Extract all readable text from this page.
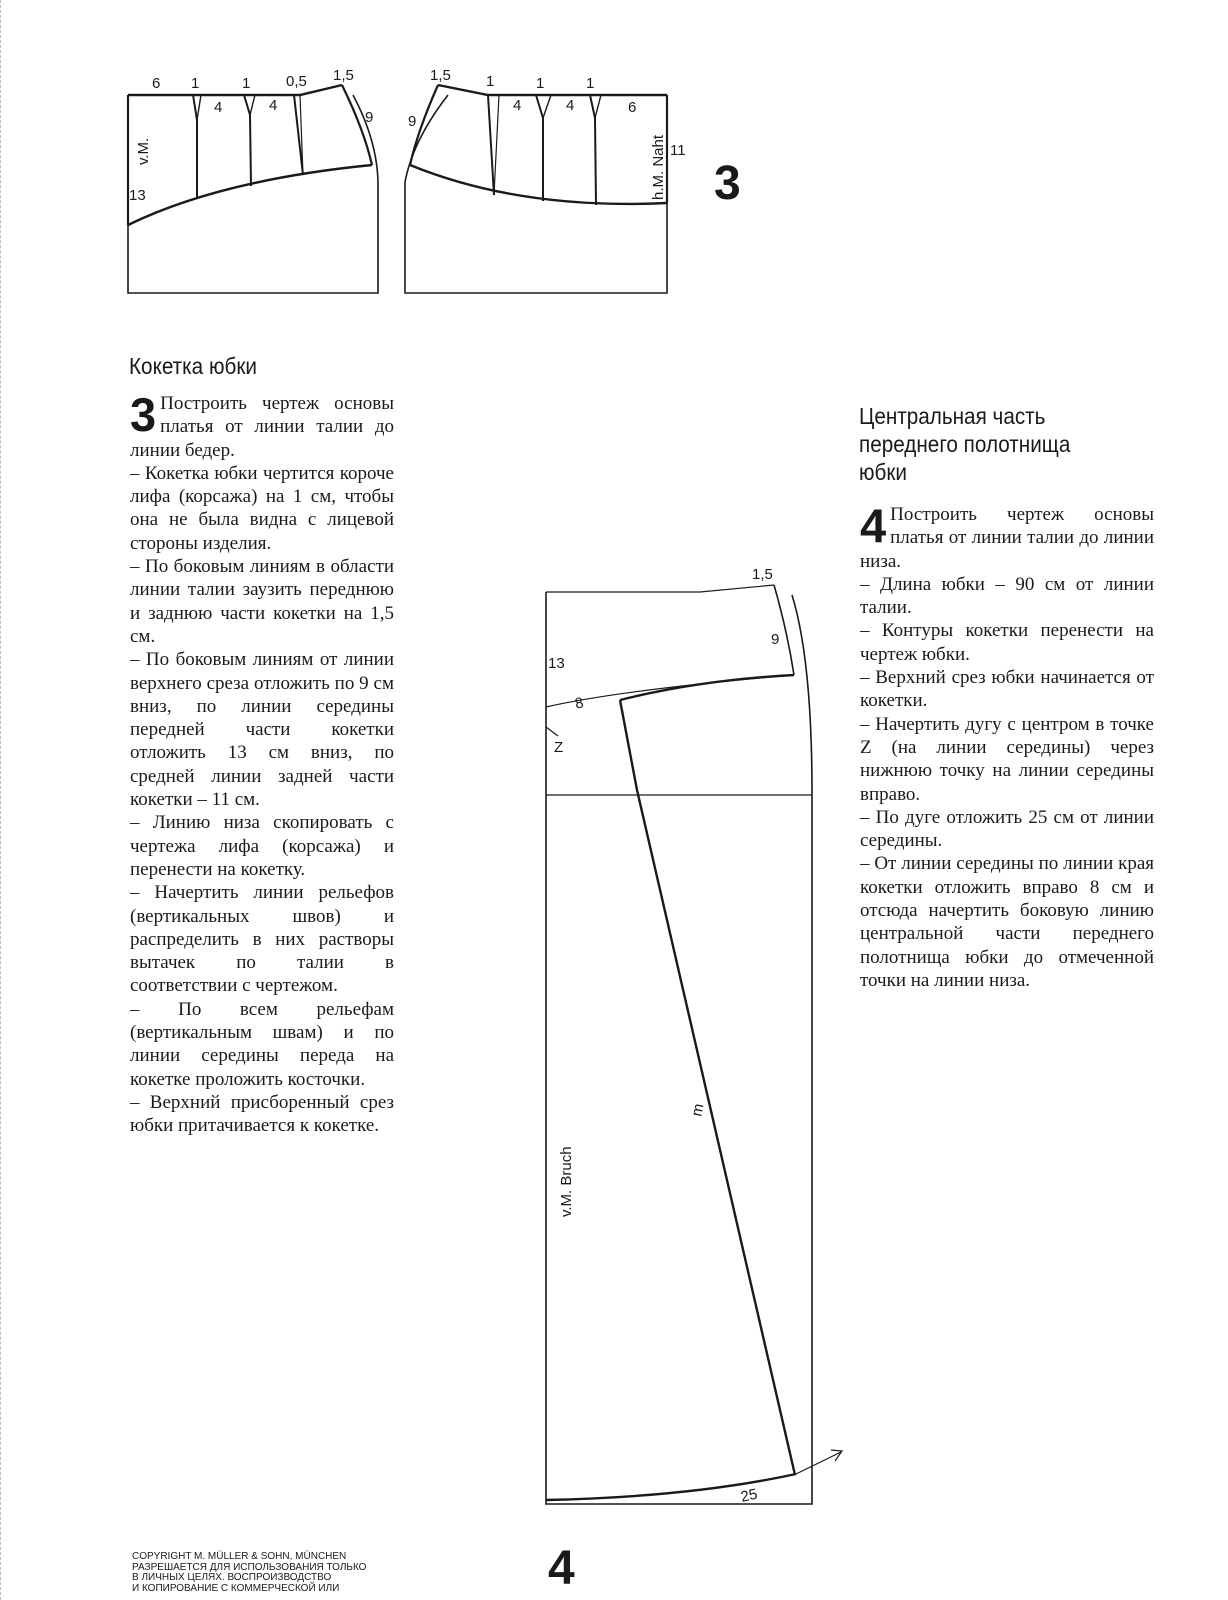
6 1	1 0,5 1,5
4	4
9
13
v.M.
1,5 1	1	1
6
4	4
9
11
h.M. Naht 3
Кокетка юбки
3 Построить чертеж основы платья от линии талии до линии бедер.

– Кокетка юбки чертится короче лифа (корсажа) на 1 см, чтобы она не была видна с лицевой стороны изделия.

– По боковым линиям в области линии талии заузить переднюю и заднюю части кокетки на 1,5 см.

– По боковым линиям от линии верхнего среза отложить по 9 см вниз, по линии середины передней части кокетки отложить 13 см вниз, по средней линии задней части кокетки – 11 см.

– Линию низа скопировать с чертежа лифа (корсажа) и перенести на кокетку.

– Начертить линии рельефов (вертикальных швов) и распределить в них растворы вытачек по талии в соответствии с чертежом.

– По всем рельефам (вертикальным швам) и по линии середины переда на кокетке проложить косточки.

– Верхний присборенный срез юбки притачивается к кокетке.

Центральная часть
переднего полотнища
юбки
4 Построить чертеж основы платья от линии талии до линии низа.

– Длина юбки – 90 см от линии талии.

– Контуры кокетки перенести на чертеж юбки.

– Верхний срез юбки начинается от кокетки.

– Начертить дугу с центром в точке Z (на линии середины) через нижнюю точку на линии середины вправо.

– По дуге отложить 25 см от линии середины.

– От линии середины по линии края кокетки отложить вправо 8 см и отсюда начертить боковую линию центральной части переднего полотнища юбки до отмеченной точки на линии низа.

1,5
9
13
8
Z
m
v.M. Bruch
25
4
COPYRIGHT M. MÜLLER & SOHN, MÜNCHEN
РАЗРЕШАЕТСЯ ДЛЯ ИСПОЛЬЗОВАНИЯ ТОЛЬКО
В ЛИЧНЫХ ЦЕЛЯХ. ВОСПРОИЗВОДСТВО
И КОПИРОВАНИЕ С КОММЕРЧЕСКОЙ ИЛИ
